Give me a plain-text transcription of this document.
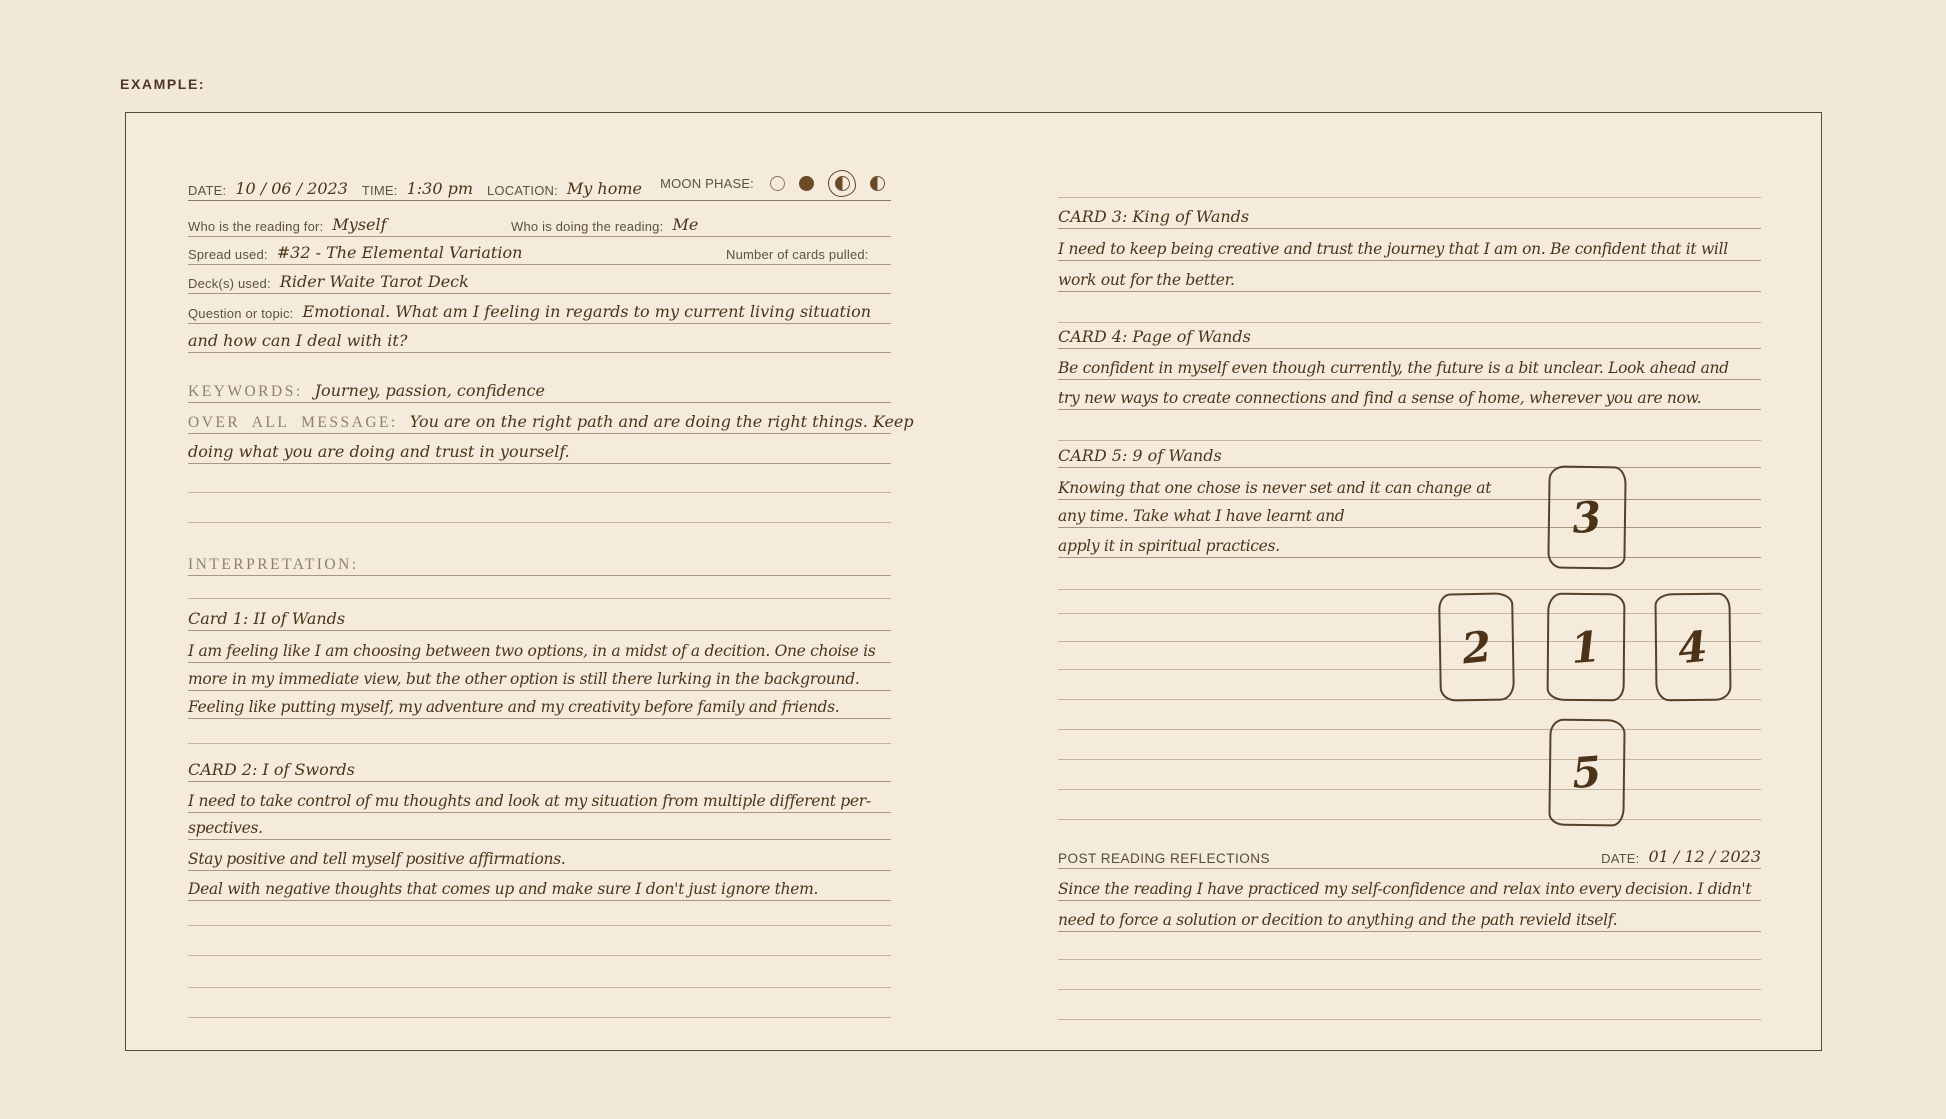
EXAMPLE:
DATE: 10 / 06 / 2023 TIME: 1:30 pm LOCATION: My home MOON PHASE:
Who is the reading for: Myself	Who is doing the reading: Me
Spread used: #32 - The Elemental Variation	Number of cards pulled:
Deck(s) used: Rider Waite Tarot Deck
Question or topic: Emotional. What am I feeling in regards to my current living situation
and how can I deal with it?
KEYWORDS: Journey, passion, confidence
OVER ALL MESSAGE: You are on the right path and are doing the right things. Keep
doing what you are doing and trust in yourself.
INTERPRETATION:
Card 1: II of Wands
I am feeling like I am choosing between two options, in a midst of a decition. One choise is
more in my immediate view, but the other option is still there lurking in the background.
Feeling like putting myself, my adventure and my creativity before family and friends.
CARD 2: I of Swords
I need to take control of mu thoughts and look at my situation from multiple different per-
spectives.
Stay positive and tell myself positive affirmations.
Deal with negative thoughts that comes up and make sure I don't just ignore them.
CARD 3: King of Wands
I need to keep being creative and trust the journey that I am on. Be confident that it will
work out for the better.
CARD 4: Page of Wands
Be confident in myself even though currently, the future is a bit unclear. Look ahead and
try new ways to create connections and find a sense of home, wherever you are now.
CARD 5: 9 of Wands
Knowing that one chose is never set and it can change at
any time. Take what I have learnt and
apply it in spiritual practices.
POST READING REFLECTIONS	DATE: 01 / 12 / 2023
Since the reading I have practiced my self-confidence and relax into every decision. I didn't
need to force a solution or decition to anything and the path revield itself.
3
2 1 4
5
